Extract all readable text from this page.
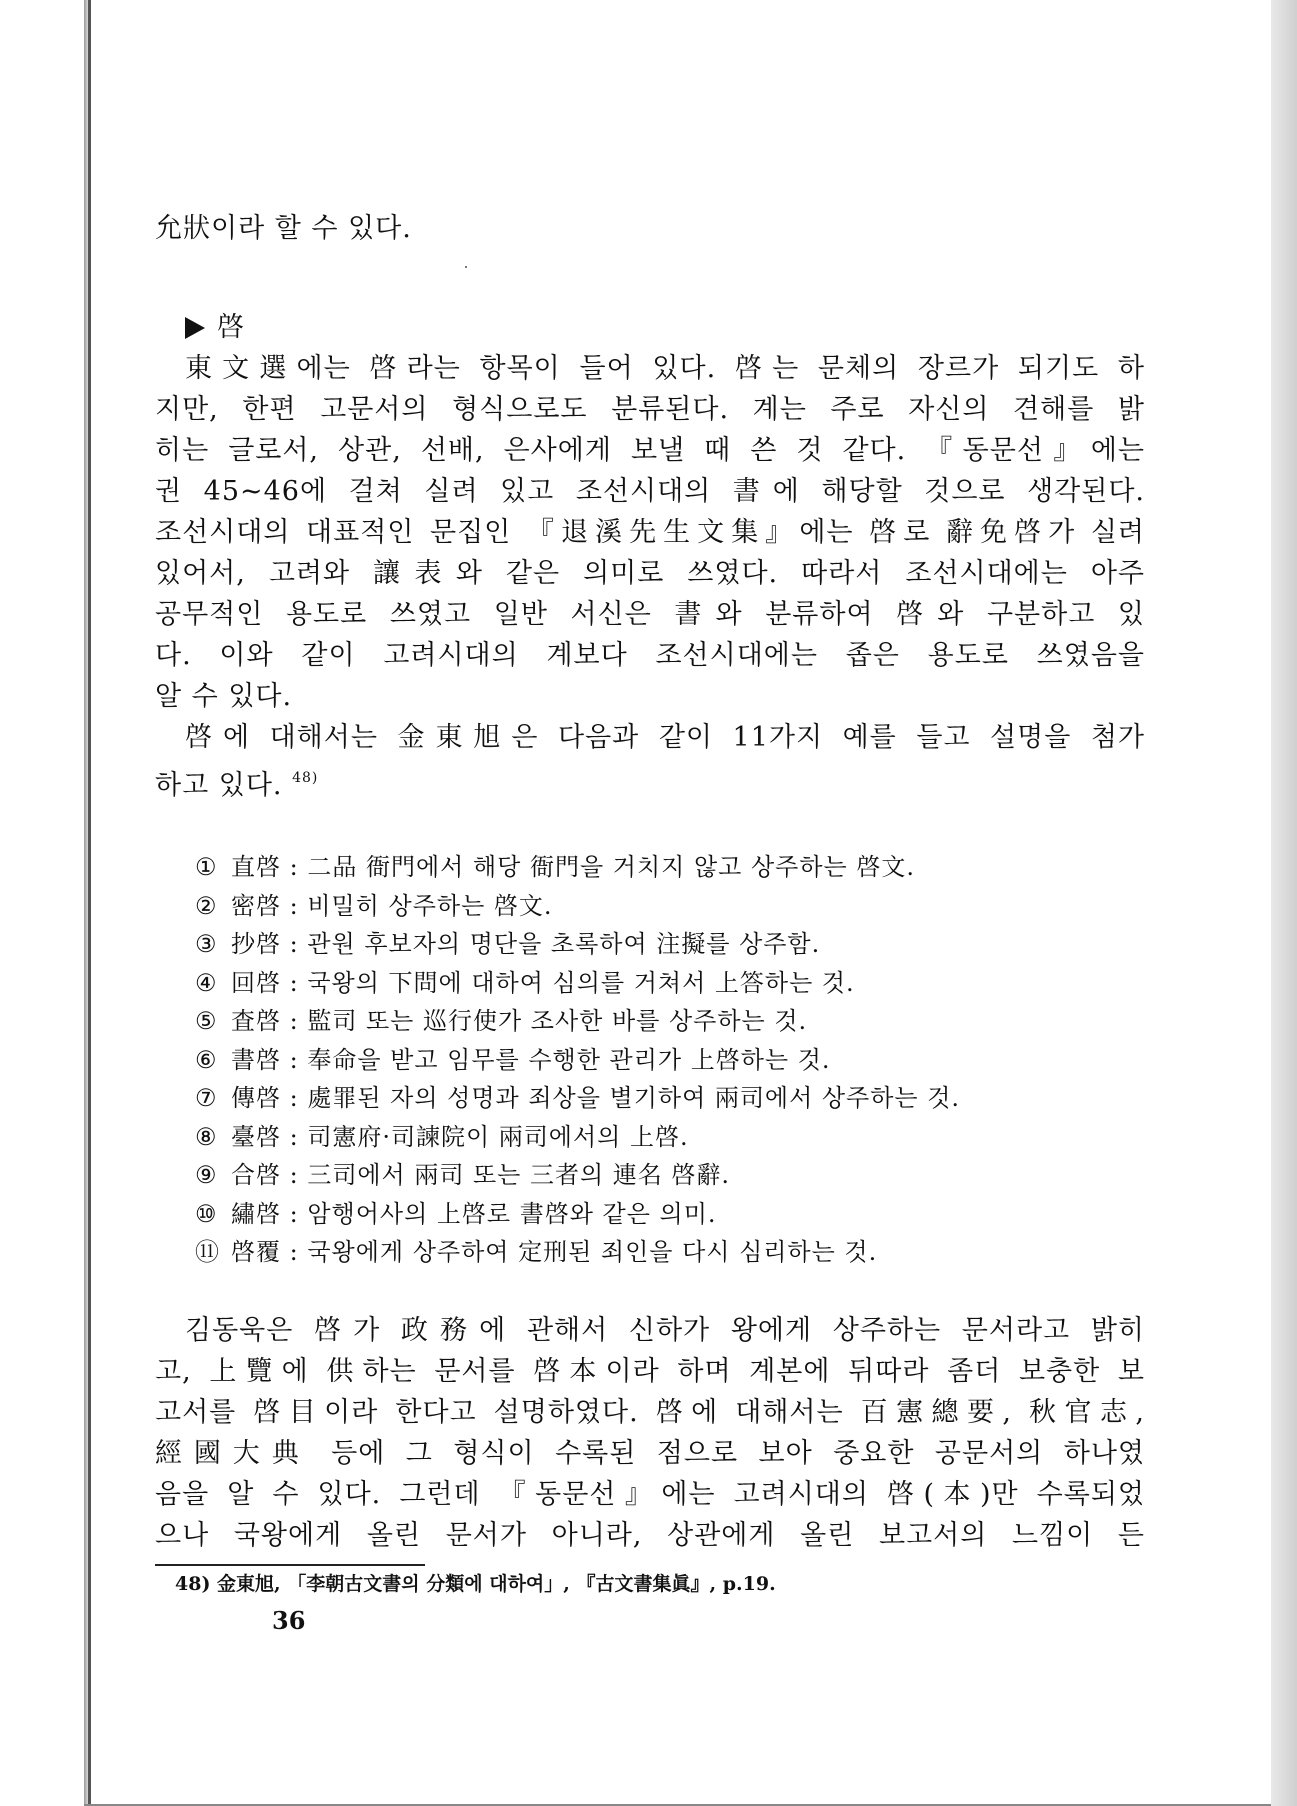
允狀이라 할 수 있다.
啓
東文選에는 啓라는 항목이 들어 있다. 啓는 문체의 장르가 되기도 하
지만, 한편 고문서의 형식으로도 분류된다. 계는 주로 자신의 견해를 밝
히는 글로서, 상관, 선배, 은사에게 보낼 때 쓴 것 같다. 『동문선』에는
권 45~46에 걸쳐 실려 있고 조선시대의 書에 해당할 것으로 생각된다.
조선시대의 대표적인 문집인 『退溪先生文集』에는 啓로 辭免啓가 실려
있어서, 고려와 讓表와 같은 의미로 쓰였다. 따라서 조선시대에는 아주
공무적인 용도로 쓰였고 일반 서신은 書와 분류하여 啓와 구분하고 있
다. 이와 같이 고려시대의 계보다 조선시대에는 좁은 용도로 쓰였음을
알 수 있다.
啓에 대해서는 金東旭은 다음과 같이 11가지 예를 들고 설명을 첨가
하고 있다. $^{48)}$
① 直啓 : 二品 衙門에서 해당 衙門을 거치지 않고 상주하는 啓文.
② 密啓 : 비밀히 상주하는 啓文.
③ 抄啓 : 관원 후보자의 명단을 초록하여 注擬를 상주함.
④ 回啓 : 국왕의 下問에 대하여 심의를 거쳐서 上答하는 것.
⑤ 査啓 : 監司 또는 巡行使가 조사한 바를 상주하는 것.
⑥ 書啓 : 奉命을 받고 임무를 수행한 관리가 上啓하는 것.
⑦ 傳啓 : 處罪된 자의 성명과 죄상을 별기하여 兩司에서 상주하는 것.
⑧ 臺啓 : 司憲府·司諫院이 兩司에서의 上啓.
⑨ 合啓 : 三司에서 兩司 또는 三者의 連名 啓辭.
⑩ 繡啓 : 암행어사의 上啓로 書啓와 같은 의미.
⑪ 啓覆 : 국왕에게 상주하여 定刑된 죄인을 다시 심리하는 것.
김동욱은 啓가 政務에 관해서 신하가 왕에게 상주하는 문서라고 밝히
고, 上覽에 供하는 문서를 啓本이라 하며 계본에 뒤따라 좀더 보충한 보
고서를 啓目이라 한다고 설명하였다. 啓에 대해서는 百憲總要, 秋官志,
經國大典 등에 그 형식이 수록된 점으로 보아 중요한 공문서의 하나였
음을 알 수 있다. 그런데 『동문선』에는 고려시대의 啓(本)만 수록되었
으나 국왕에게 올린 문서가 아니라, 상관에게 올린 보고서의 느낌이 든
48) 金東旭, 「李朝古文書의 分類에 대하여」, 『古文書集眞』, p.19.
36
